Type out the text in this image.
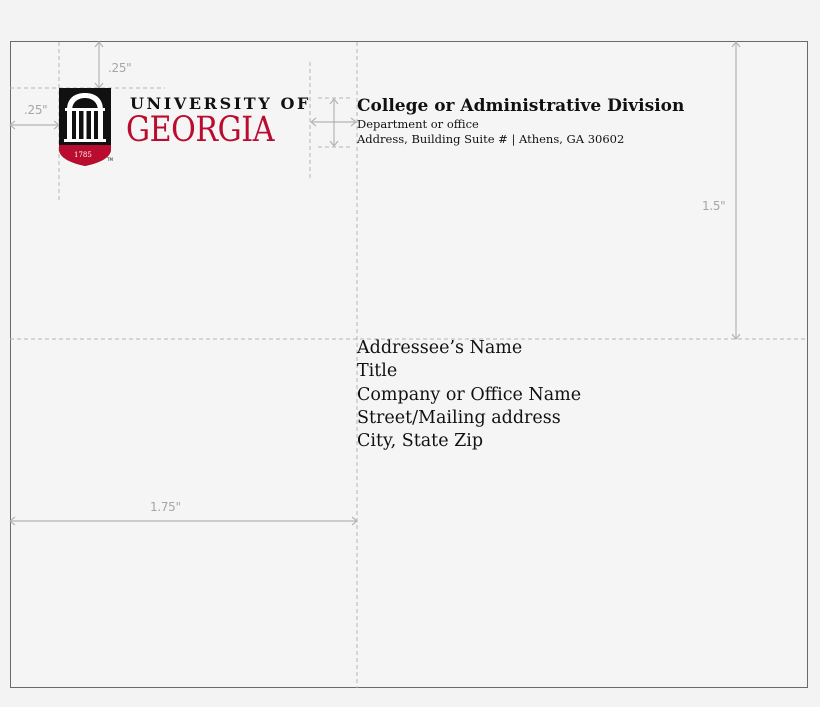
.25"
.25"
1.5"
1.75"
1785
TM
UNIVERSITY OF
GEORGIA
College or Administrative Division
Department or office
Address, Building Suite # | Athens, GA 30602
Addressee’s Name
Title
Company or Office Name
Street/Mailing address
City, State Zip
